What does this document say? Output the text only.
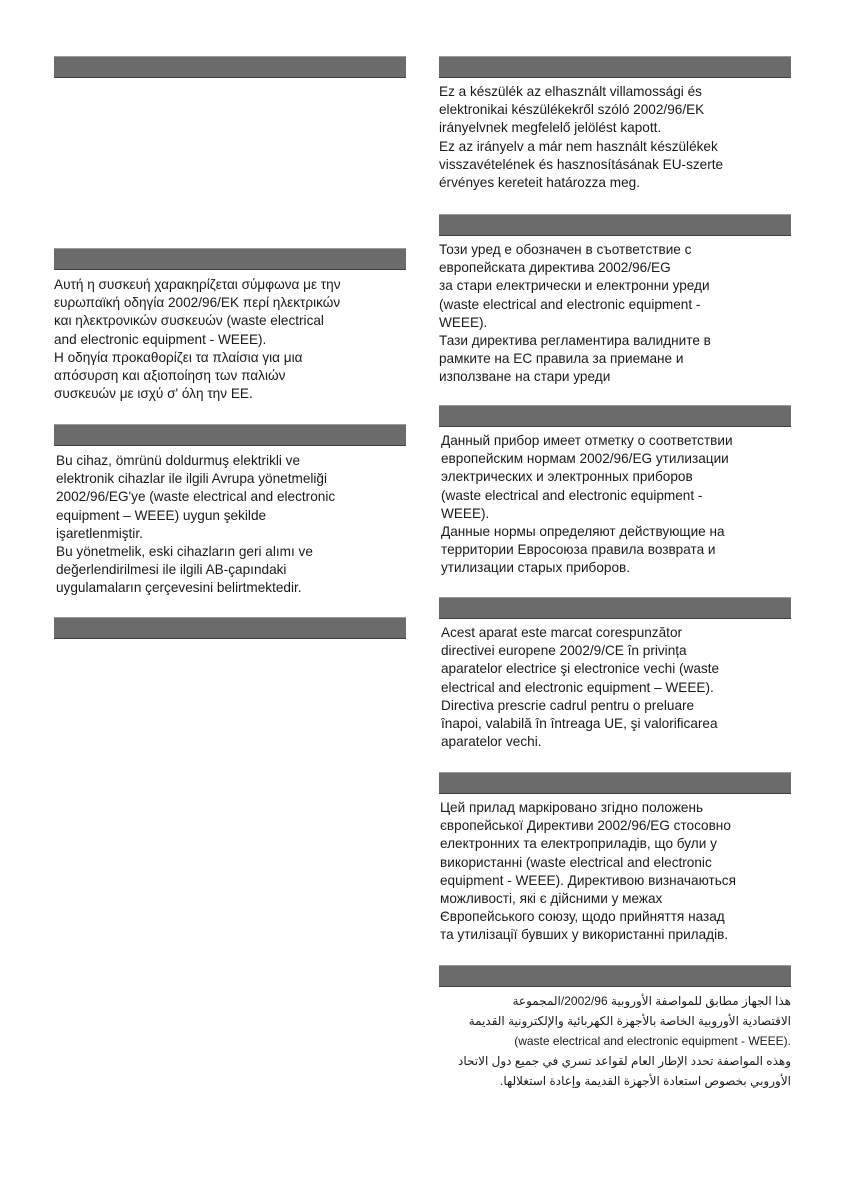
Αυτή η συσκευή χαρακηρίζεται σύμφωνα με την
ευρωπαϊκή οδηγία 2002/96/ΕΚ περί ηλεκτρικών
και ηλεκτρονικών συσκευών (waste electrical
and electronic equipment - WEEE).
Η οδηγία προκαθορίζει τα πλαίσια για μια
απόσυρση και αξιοποίηση των παλιών
συσκευών με ισχύ σ' όλη την ΕΕ.
Bu cihaz, ömrünü doldurmuş elektrikli ve
elektronik cihazlar ile ilgili Avrupa yönetmeliği
2002/96/EG'ye (waste electrical and electronic
equipment – WEEE) uygun şekilde
işaretlenmiştir.
Bu yönetmelik, eski cihazların geri alımı ve
değerlendirilmesi ile ilgili AB-çapındaki
uygulamaların çerçevesini belirtmektedir.
Ez a készülék az elhasznált villamossági és
elektronikai készülékekről szóló 2002/96/EK
irányelvnek megfelelő jelölést kapott.
Ez az irányelv a már nem használt készülékek
visszavételének és hasznosításának EU-szerte
érvényes kereteit határozza meg.
Този уред е обозначен в съответствие с
европейската директива 2002/96/EG
за стари електрически и електронни уреди
(waste electrical and electronic equipment -
WEEE).
Тази директива регламентира валидните в
рамките на ЕС правила за приемане и
използване на стари уреди
Данный прибор имеет отметку о соответствии
европейским нормам 2002/96/EG утилизации
электрических и электронных приборов
(waste electrical and electronic equipment -
WEEE).
Данные нормы определяют действующие на
территории Евросоюза правила возврата и
утилизации старых приборов.
Acest aparat este marcat corespunzător
directivei europene 2002/9/CE în privința
aparatelor electrice şi electronice vechi (waste
electrical and electronic equipment – WEEE).
Directiva prescrie cadrul pentru o preluare
înapoi, valabilă în întreaga UE, şi valorificarea
aparatelor vechi.
Цей прилад маркіровано згідно положень
європейської Директиви 2002/96/EG стосовно
електронних та електроприладів, що були у
використанні (waste electrical and electronic
equipment - WEEE). Директивою визначаються
можливості, які є дійсними у межах
Європейського союзу, щодо прийняття назад
та утилізації бувших у використанні приладів.
هذا الجهاز مطابق للمواصفة الأوروبية 2002/96/المجموعة
الاقتصادية الأوروبية الخاصة بالأجهزة الكهربائية والإلكترونية القديمة
(waste electrical and electronic equipment - WEEE).
وهذه المواصفة تحدد الإطار العام لقواعد تسري في جميع دول الاتحاد
الأوروبي بخصوص استعادة الأجهزة القديمة وإعادة استغلالها.
